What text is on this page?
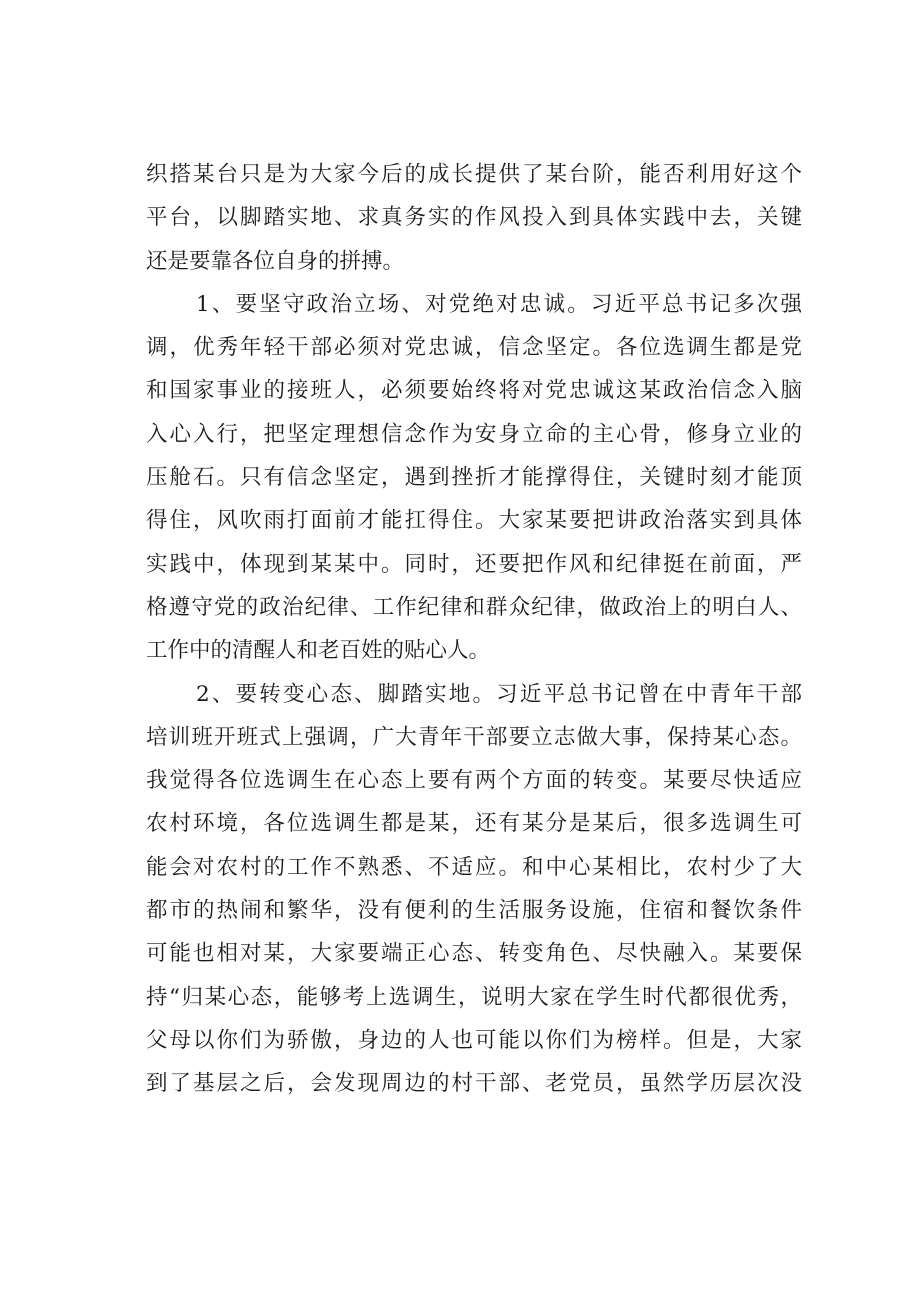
织搭某台只是为大家今后的成长提供了某台阶，能否利用好这个
平台，以脚踏实地、求真务实的作风投入到具体实践中去，关键
还是要靠各位自身的拼搏。
1、要坚守政治立场、对党绝对忠诚。习近平总书记多次强
调，优秀年轻干部必须对党忠诚，信念坚定。各位选调生都是党
和国家事业的接班人，必须要始终将对党忠诚这某政治信念入脑
入心入行，把坚定理想信念作为安身立命的主心骨，修身立业的
压舱石。只有信念坚定，遇到挫折才能撑得住，关键时刻才能顶
得住，风吹雨打面前才能扛得住。大家某要把讲政治落实到具体
实践中，体现到某某中。同时，还要把作风和纪律挺在前面，严
格遵守党的政治纪律、工作纪律和群众纪律，做政治上的明白人、
工作中的清醒人和老百姓的贴心人。
2、要转变心态、脚踏实地。习近平总书记曾在中青年干部
培训班开班式上强调，广大青年干部要立志做大事，保持某心态。
我觉得各位选调生在心态上要有两个方面的转变。某要尽快适应
农村环境，各位选调生都是某，还有某分是某后，很多选调生可
能会对农村的工作不熟悉、不适应。和中心某相比，农村少了大
都市的热闹和繁华，没有便利的生活服务设施，住宿和餐饮条件
可能也相对某，大家要端正心态、转变角色、尽快融入。某要保
持“归某心态，能够考上选调生，说明大家在学生时代都很优秀，
父母以你们为骄傲，身边的人也可能以你们为榜样。但是，大家
到了基层之后，会发现周边的村干部、老党员，虽然学历层次没
